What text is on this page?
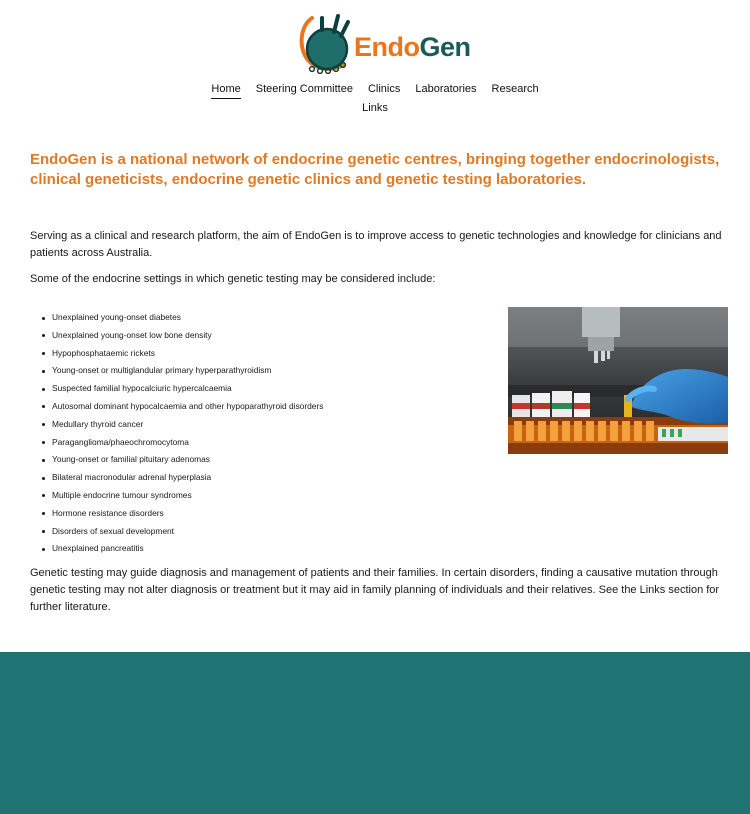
EndoGen
Home Steering Committee Clinics Laboratories Research
Links
EndoGen is a national network of endocrine genetic centres, bringing together endocrinologists, clinical geneticists, endocrine genetic clinics and genetic testing laboratories.

Serving as a clinical and research platform, the aim of EndoGen is to improve access to genetic technologies and knowledge for clinicians and patients across Australia.

Some of the endocrine settings in which genetic testing may be considered include:

Unexplained young-onset diabetes
Unexplained young-onset low bone density
Hypophosphataemic rickets
Young-onset or multiglandular primary hyperparathyroidism
Suspected familial hypocalciuric hypercalcaemia
Autosomal dominant hypocalcaemia and other hypoparathyroid disorders
Medullary thyroid cancer
Paraganglioma/phaeochromocytoma
Young-onset or familial pituitary adenomas
Bilateral macronodular adrenal hyperplasia
Multiple endocrine tumour syndromes
Hormone resistance disorders
Disorders of sexual development
Unexplained pancreatitis

Genetic testing may guide diagnosis and management of patients and their families. In certain disorders, finding a causative mutation through genetic testing may not alter diagnosis or treatment but it may aid in family planning of individuals and their relatives. See the Links section for further literature.
